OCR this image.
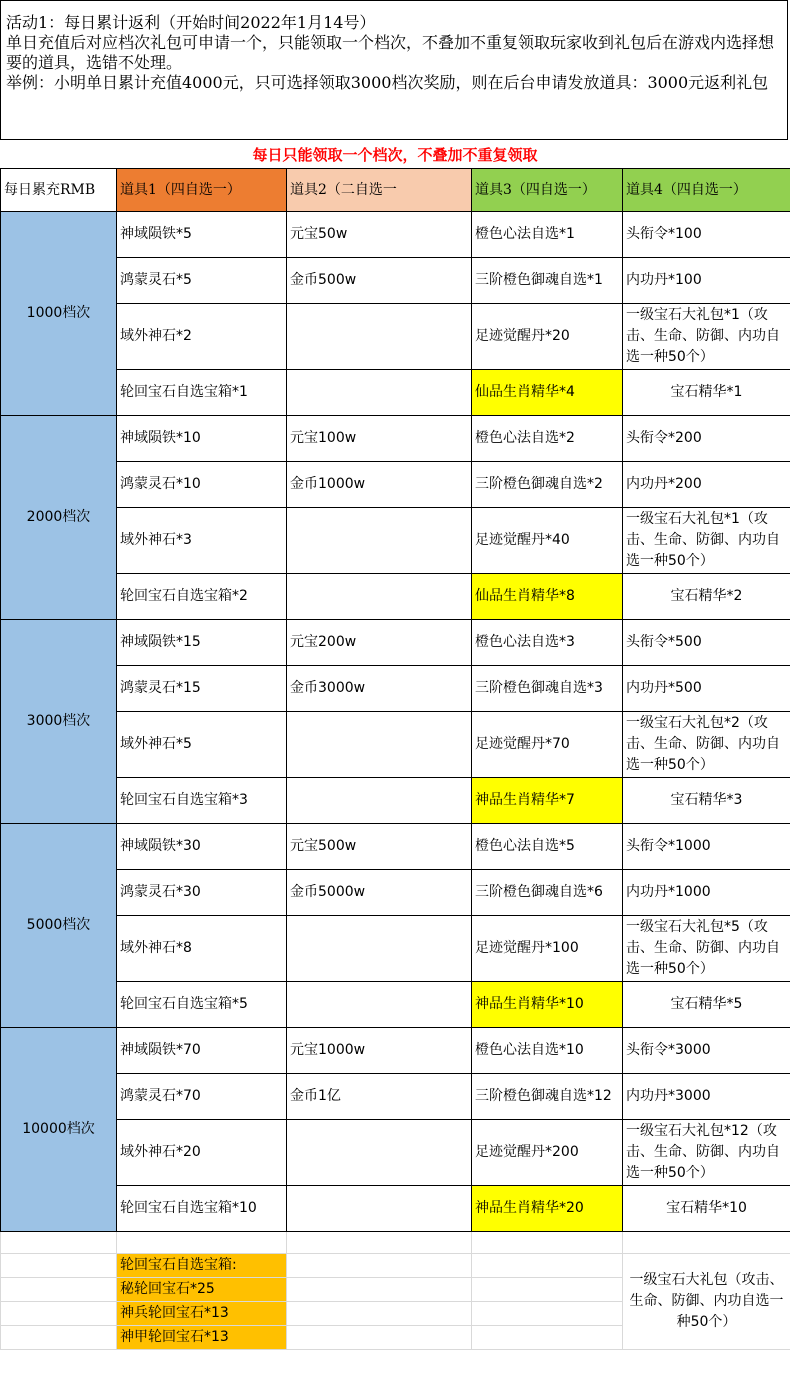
活动1：每日累计返利（开始时间2022年1月14号）
单日充值后对应档次礼包可申请一个，只能领取一个档次，不叠加不重复领取玩家收到礼包后在游戏内选择想要的道具，选错不处理。
举例：小明单日累计充值4000元，只可选择领取3000档次奖励，则在后台申请发放道具：3000元返利礼包
每日只能领取一个档次，不叠加不重复领取
每日累充RMB	道具1（四自选一）	道具2（二自选一	道具3（四自选一）	道具4（四自选一）
1000档次	神域陨铁*5	元宝50w	橙色心法自选*1	头衔令*100
	鸿蒙灵石*5	金币500w	三阶橙色御魂自选*1	内功丹*100
	域外神石*2		足迹觉醒丹*20	一级宝石大礼包*1（攻击、生命、防御、内功自选一种50个）
	轮回宝石自选宝箱*1		仙品生肖精华*4	宝石精华*1
2000档次	神域陨铁*10	元宝100w	橙色心法自选*2	头衔令*200
	鸿蒙灵石*10	金币1000w	三阶橙色御魂自选*2	内功丹*200
	域外神石*3		足迹觉醒丹*40	一级宝石大礼包*1（攻击、生命、防御、内功自选一种50个）
	轮回宝石自选宝箱*2		仙品生肖精华*8	宝石精华*2
3000档次	神域陨铁*15	元宝200w	橙色心法自选*3	头衔令*500
	鸿蒙灵石*15	金币3000w	三阶橙色御魂自选*3	内功丹*500
	域外神石*5		足迹觉醒丹*70	一级宝石大礼包*2（攻击、生命、防御、内功自选一种50个）
	轮回宝石自选宝箱*3		神品生肖精华*7	宝石精华*3
5000档次	神域陨铁*30	元宝500w	橙色心法自选*5	头衔令*1000
	鸿蒙灵石*30	金币5000w	三阶橙色御魂自选*6	内功丹*1000
	域外神石*8		足迹觉醒丹*100	一级宝石大礼包*5（攻击、生命、防御、内功自选一种50个）
	轮回宝石自选宝箱*5		神品生肖精华*10	宝石精华*5
10000档次	神域陨铁*70	元宝1000w	橙色心法自选*10	头衔令*3000
	鸿蒙灵石*70	金币1亿	三阶橙色御魂自选*12	内功丹*3000
	域外神石*20		足迹觉醒丹*200	一级宝石大礼包*12（攻击、生命、防御、内功自选一种50个）
	轮回宝石自选宝箱*10		神品生肖精华*20	宝石精华*10

	轮回宝石自选宝箱:			一级宝石大礼包（攻击、生命、防御、内功自选一种50个）
	秘轮回宝石*25			
	神兵轮回宝石*13			
	神甲轮回宝石*13			
